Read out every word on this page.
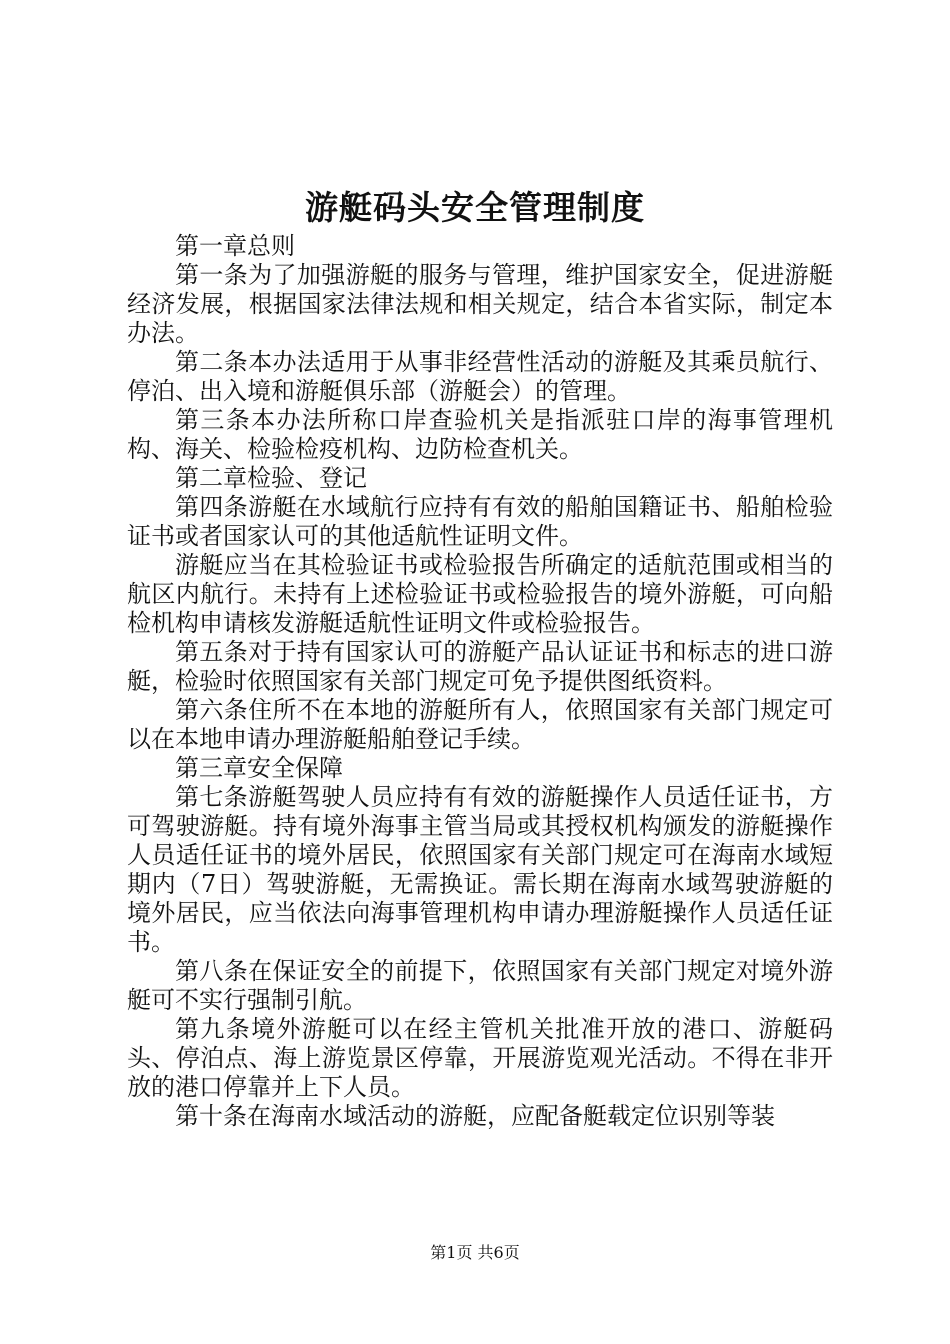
游艇码头安全管理制度

第一章总则

第一条为了加强游艇的服务与管理，维护国家安全，促进游艇经济发展，根据国家法律法规和相关规定，结合本省实际，制定本办法。

第二条本办法适用于从事非经营性活动的游艇及其乘员航行、停泊、出入境和游艇俱乐部（游艇会）的管理。

第三条本办法所称口岸查验机关是指派驻口岸的海事管理机构、海关、检验检疫机构、边防检查机关。

第二章检验、登记

第四条游艇在水域航行应持有有效的船舶国籍证书、船舶检验证书或者国家认可的其他适航性证明文件。

游艇应当在其检验证书或检验报告所确定的适航范围或相当的航区内航行。未持有上述检验证书或检验报告的境外游艇，可向船检机构申请核发游艇适航性证明文件或检验报告。

第五条对于持有国家认可的游艇产品认证证书和标志的进口游艇，检验时依照国家有关部门规定可免予提供图纸资料。

第六条住所不在本地的游艇所有人，依照国家有关部门规定可以在本地申请办理游艇船舶登记手续。

第三章安全保障

第七条游艇驾驶人员应持有有效的游艇操作人员适任证书，方可驾驶游艇。持有境外海事主管当局或其授权机构颁发的游艇操作人员适任证书的境外居民，依照国家有关部门规定可在海南水域短期内（7日）驾驶游艇，无需换证。需长期在海南水域驾驶游艇的境外居民，应当依法向海事管理机构申请办理游艇操作人员适任证书。

第八条在保证安全的前提下，依照国家有关部门规定对境外游艇可不实行强制引航。

第九条境外游艇可以在经主管机关批准开放的港口、游艇码头、停泊点、海上游览景区停靠，开展游览观光活动。不得在非开放的港口停靠并上下人员。

第十条在海南水域活动的游艇，应配备艇载定位识别等装

第1页 共6页
